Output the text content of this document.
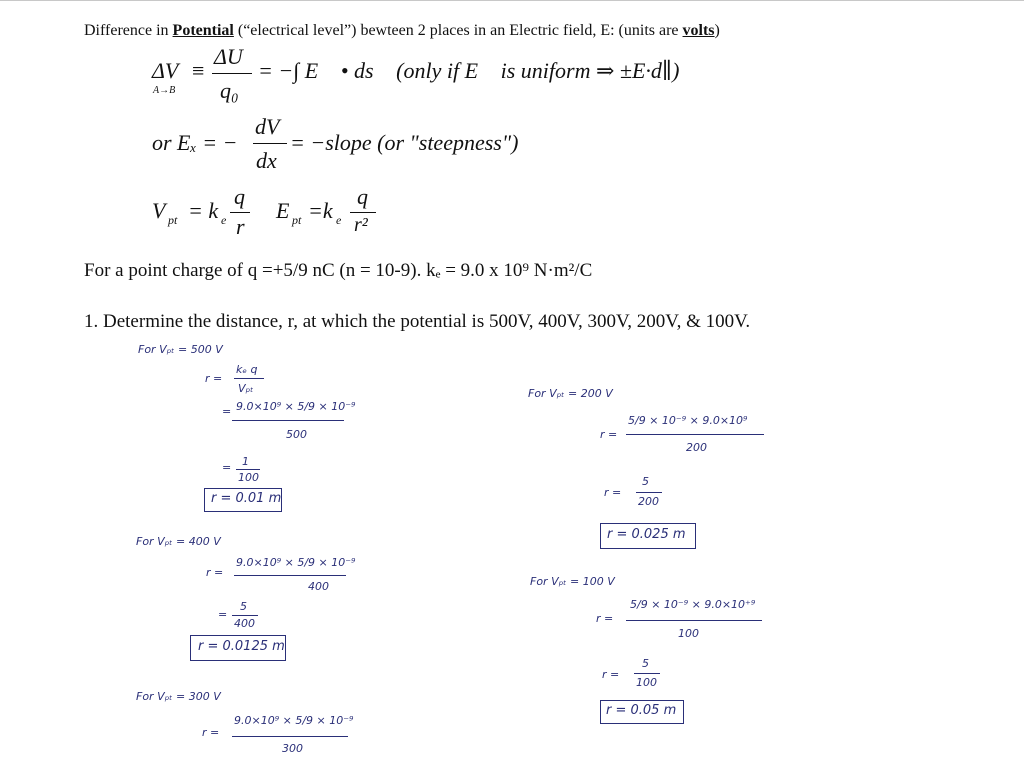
Difference in Potential (“electrical level”) bewteen 2 places in an Electric field, E: (units are volts)
ΔV
A→B
≡
ΔU
q₀
= −∫ E⃗ • ds⃗ (only if E⃗ is uniform ⇒ ±E·d∥)
or Eₓ = −
dV
dx
= −slope (or "steepness")
V pt = k e
q
r
E pt =k e
q
r²
For a point charge of q =+5/9 nC (n = 10-9). kₑ = 9.0 x 10⁹ N·m²/C
1. Determine the distance, r, at which the potential is 500V, 400V, 300V, 200V, & 100V.
For Vₚₜ = 500 V
r =
kₑ q
Vₚₜ
= 9.0×10⁹ × 5/9 × 10⁻⁹
500
= 1
100
r = 0.01 m
For Vₚₜ = 400 V
r =
9.0×10⁹ × 5/9 × 10⁻⁹
400
=
5
400
r = 0.0125 m
For Vₚₜ = 300 V
r =
9.0×10⁹ × 5/9 × 10⁻⁹
300
For Vₚₜ = 200 V
r =
5/9 × 10⁻⁹ × 9.0×10⁹
200
r =
5
200
r = 0.025 m
For Vₚₜ = 100 V
r =
5/9 × 10⁻⁹ × 9.0×10⁺⁹
100
r =
5
100
r = 0.05 m
